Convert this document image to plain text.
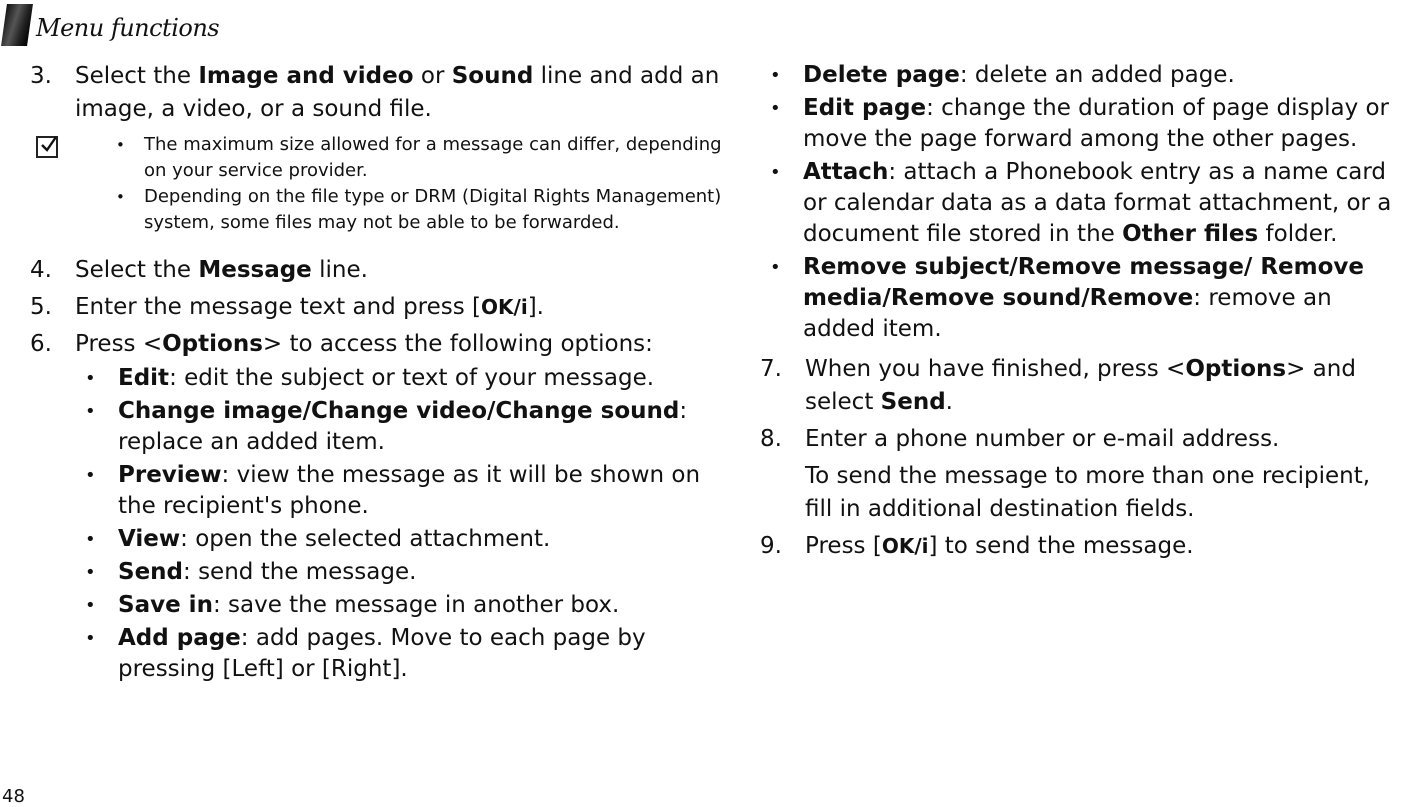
Menu functions
3. Select the Image and video or Sound line and add an image, a video, or a sound file.

• The maximum size allowed for a message can differ, depending on your service provider.
• Depending on the file type or DRM (Digital Rights Management) system, some files may not be able to be forwarded.
4. Select the Message line.

5. Enter the message text and press [OK/i].

6. Press <Options> to access the following options:

• Edit: edit the subject or text of your message.
• Change image/Change video/Change sound: replace an added item.
• Preview: view the message as it will be shown on the recipient's phone.
• View: open the selected attachment.
• Send: send the message.
• Save in: save the message in another box.
• Add page: add pages. Move to each page by pressing [Left] or [Right].
• Delete page: delete an added page.
• Edit page: change the duration of page display or move the page forward among the other pages.
• Attach: attach a Phonebook entry as a name card or calendar data as a data format attachment, or a document file stored in the Other files folder.
• Remove subject/Remove message/ Remove media/Remove sound/Remove: remove an added item.
7. When you have finished, press <Options> and select Send.

8. Enter a phone number or e-mail address.

To send the message to more than one recipient, fill in additional destination fields.

9. Press [OK/i] to send the message.

48
